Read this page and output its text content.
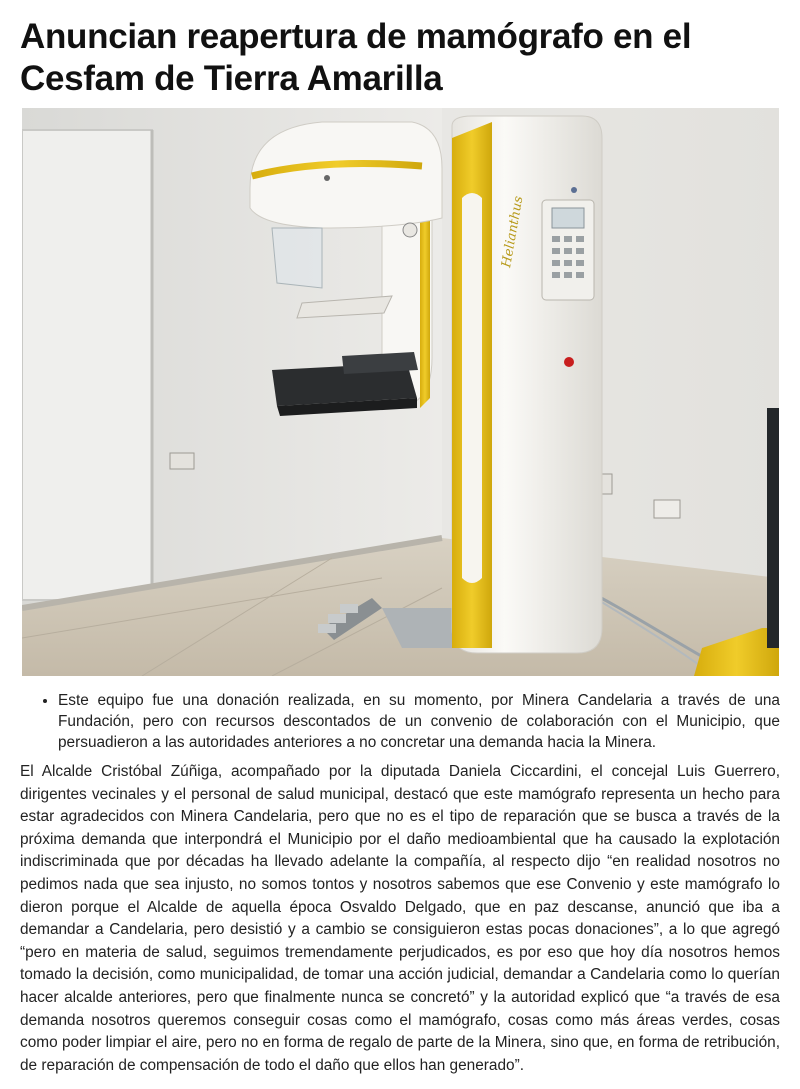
Anuncian reapertura de mamógrafo en el Cesfam de Tierra Amarilla
Helianthus
• Este equipo fue una donación realizada, en su momento, por Minera Candelaria a través de una Fundación, pero con recursos descontados de un convenio de colaboración con el Municipio, que persuadieron a las autoridades anteriores a no concretar una demanda hacia la Minera.

El Alcalde Cristóbal Zúñiga, acompañado por la diputada Daniela Ciccardini, el concejal Luis Guerrero, dirigentes vecinales y el personal de salud municipal, destacó que este mamógrafo representa un hecho para estar agradecidos con Minera Candelaria, pero que no es el tipo de reparación que se busca a través de la próxima demanda que interpondrá el Municipio por el daño medioambiental que ha causado la explotación indiscriminada que por décadas ha llevado adelante la compañía, al respecto dijo “en realidad nosotros no pedimos nada que sea injusto, no somos tontos y nosotros sabemos que ese Convenio y este mamógrafo lo dieron porque el Alcalde de aquella época Osvaldo Delgado, que en paz descanse, anunció que iba a demandar a Candelaria, pero desistió y a cambio se consiguieron estas pocas donaciones”, a lo que agregó “pero en materia de salud, seguimos tremendamente perjudicados, es por eso que hoy día nosotros hemos tomado la decisión, como municipalidad, de tomar una acción judicial, demandar a Candelaria como lo querían hacer alcalde anteriores, pero que finalmente nunca se concretó” y la autoridad explicó que “a través de esa demanda nosotros queremos conseguir cosas como el mamógrafo, cosas como más áreas verdes, cosas como poder limpiar el aire, pero no en forma de regalo de parte de la Minera, sino que, en forma de retribución, de reparación de compensación de todo el daño que ellos han generado”.
